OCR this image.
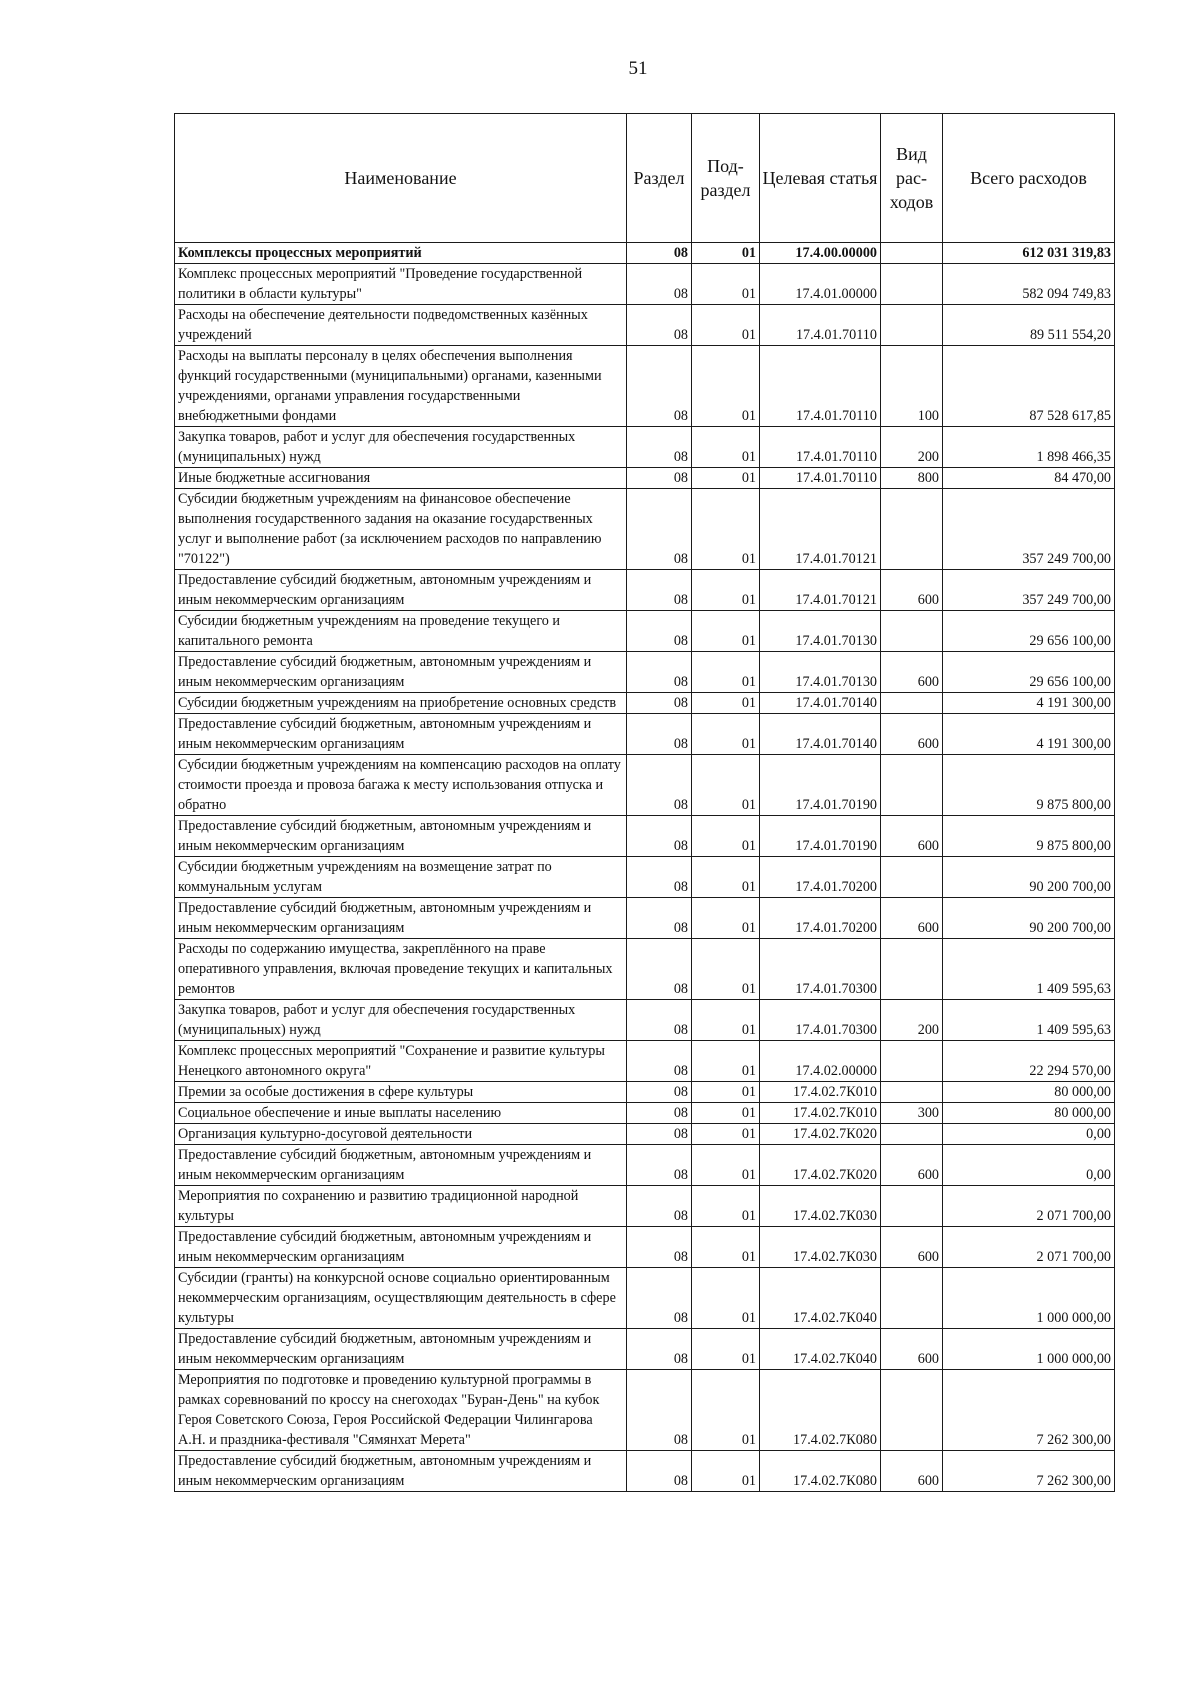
51
Наименование	Раздел	Под-раздел	Целевая статья	Вид рас-ходов	Всего расходов
Комплексы процессных мероприятий	08	01	17.4.00.00000		612 031 319,83
Комплекс процессных мероприятий "Проведение государственной политики в области культуры"	08	01	17.4.01.00000		582 094 749,83
Расходы на обеспечение деятельности подведомственных казённых учреждений	08	01	17.4.01.70110		89 511 554,20
Расходы на выплаты персоналу в целях обеспечения выполнения функций государственными (муниципальными) органами, казенными учреждениями, органами управления государственными внебюджетными фондами	08	01	17.4.01.70110	100	87 528 617,85
Закупка товаров, работ и услуг для обеспечения государственных (муниципальных) нужд	08	01	17.4.01.70110	200	1 898 466,35
Иные бюджетные ассигнования	08	01	17.4.01.70110	800	84 470,00
Субсидии бюджетным учреждениям на финансовое обеспечение выполнения государственного задания на оказание государственных услуг и выполнение работ (за исключением расходов по направлению "70122")	08	01	17.4.01.70121		357 249 700,00
Предоставление субсидий бюджетным, автономным учреждениям и иным некоммерческим организациям	08	01	17.4.01.70121	600	357 249 700,00
Субсидии бюджетным учреждениям на проведение текущего и капитального ремонта	08	01	17.4.01.70130		29 656 100,00
Предоставление субсидий бюджетным, автономным учреждениям и иным некоммерческим организациям	08	01	17.4.01.70130	600	29 656 100,00
Субсидии бюджетным учреждениям на приобретение основных средств	08	01	17.4.01.70140		4 191 300,00
Предоставление субсидий бюджетным, автономным учреждениям и иным некоммерческим организациям	08	01	17.4.01.70140	600	4 191 300,00
Субсидии бюджетным учреждениям на компенсацию расходов на оплату стоимости проезда и провоза багажа к месту использования отпуска и обратно	08	01	17.4.01.70190		9 875 800,00
Предоставление субсидий бюджетным, автономным учреждениям и иным некоммерческим организациям	08	01	17.4.01.70190	600	9 875 800,00
Субсидии бюджетным учреждениям на возмещение затрат по коммунальным услугам	08	01	17.4.01.70200		90 200 700,00
Предоставление субсидий бюджетным, автономным учреждениям и иным некоммерческим организациям	08	01	17.4.01.70200	600	90 200 700,00
Расходы по содержанию имущества, закреплённого на праве оперативного управления, включая проведение текущих и капитальных ремонтов	08	01	17.4.01.70300		1 409 595,63
Закупка товаров, работ и услуг для обеспечения государственных (муниципальных) нужд	08	01	17.4.01.70300	200	1 409 595,63
Комплекс процессных мероприятий "Сохранение и развитие культуры Ненецкого автономного округа"	08	01	17.4.02.00000		22 294 570,00
Премии за особые достижения в сфере культуры	08	01	17.4.02.7К010		80 000,00
Социальное обеспечение и иные выплаты населению	08	01	17.4.02.7К010	300	80 000,00
Организация культурно-досуговой деятельности	08	01	17.4.02.7К020		0,00
Предоставление субсидий бюджетным, автономным учреждениям и иным некоммерческим организациям	08	01	17.4.02.7К020	600	0,00
Мероприятия по сохранению и развитию традиционной народной культуры	08	01	17.4.02.7К030		2 071 700,00
Предоставление субсидий бюджетным, автономным учреждениям и иным некоммерческим организациям	08	01	17.4.02.7К030	600	2 071 700,00
Субсидии (гранты) на конкурсной основе социально ориентированным некоммерческим организациям, осуществляющим деятельность в сфере культуры	08	01	17.4.02.7К040		1 000 000,00
Предоставление субсидий бюджетным, автономным учреждениям и иным некоммерческим организациям	08	01	17.4.02.7К040	600	1 000 000,00
Мероприятия по подготовке и проведению культурной программы в рамках соревнований по кроссу на снегоходах "Буран-День" на кубок Героя Советского Союза, Героя Российской Федерации Чилингарова А.Н. и праздника-фестиваля "Сямянхат Мерета"	08	01	17.4.02.7К080		7 262 300,00
Предоставление субсидий бюджетным, автономным учреждениям и иным некоммерческим организациям	08	01	17.4.02.7К080	600	7 262 300,00
